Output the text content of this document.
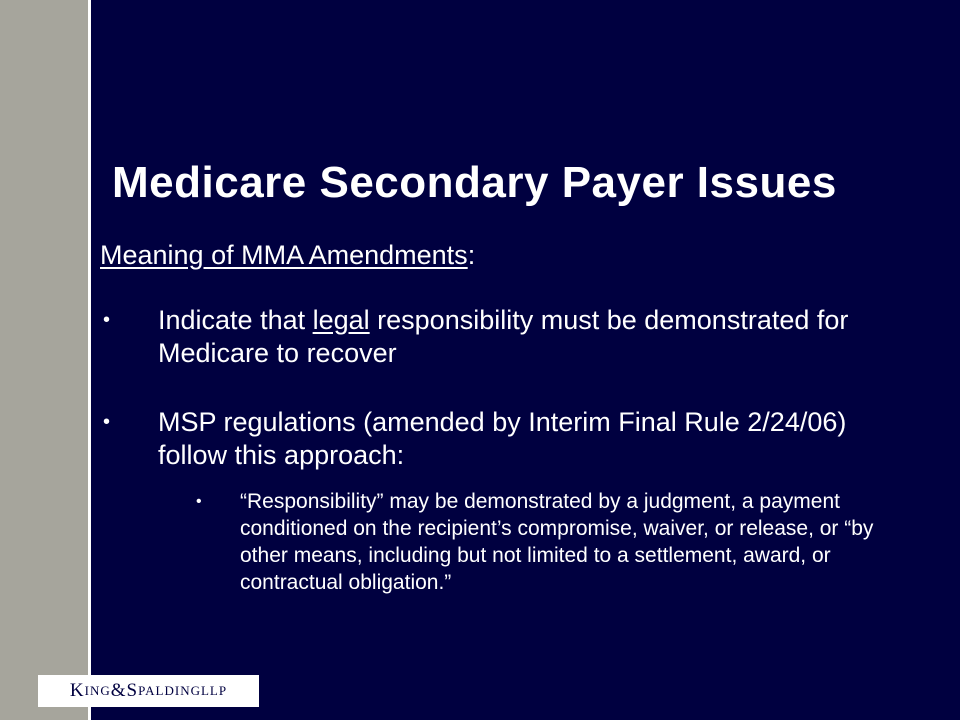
Medicare Secondary Payer Issues
Meaning of MMA Amendments:
• Indicate that legal responsibility must be demonstrated for Medicare to recover
• MSP regulations (amended by Interim Final Rule 2/24/06) follow this approach:
• “Responsibility” may be demonstrated by a judgment, a payment conditioned on the recipient’s compromise, waiver, or release, or “by other means, including but not limited to a settlement, award, or contractual obligation.”
K ING & S PALDING LLP
